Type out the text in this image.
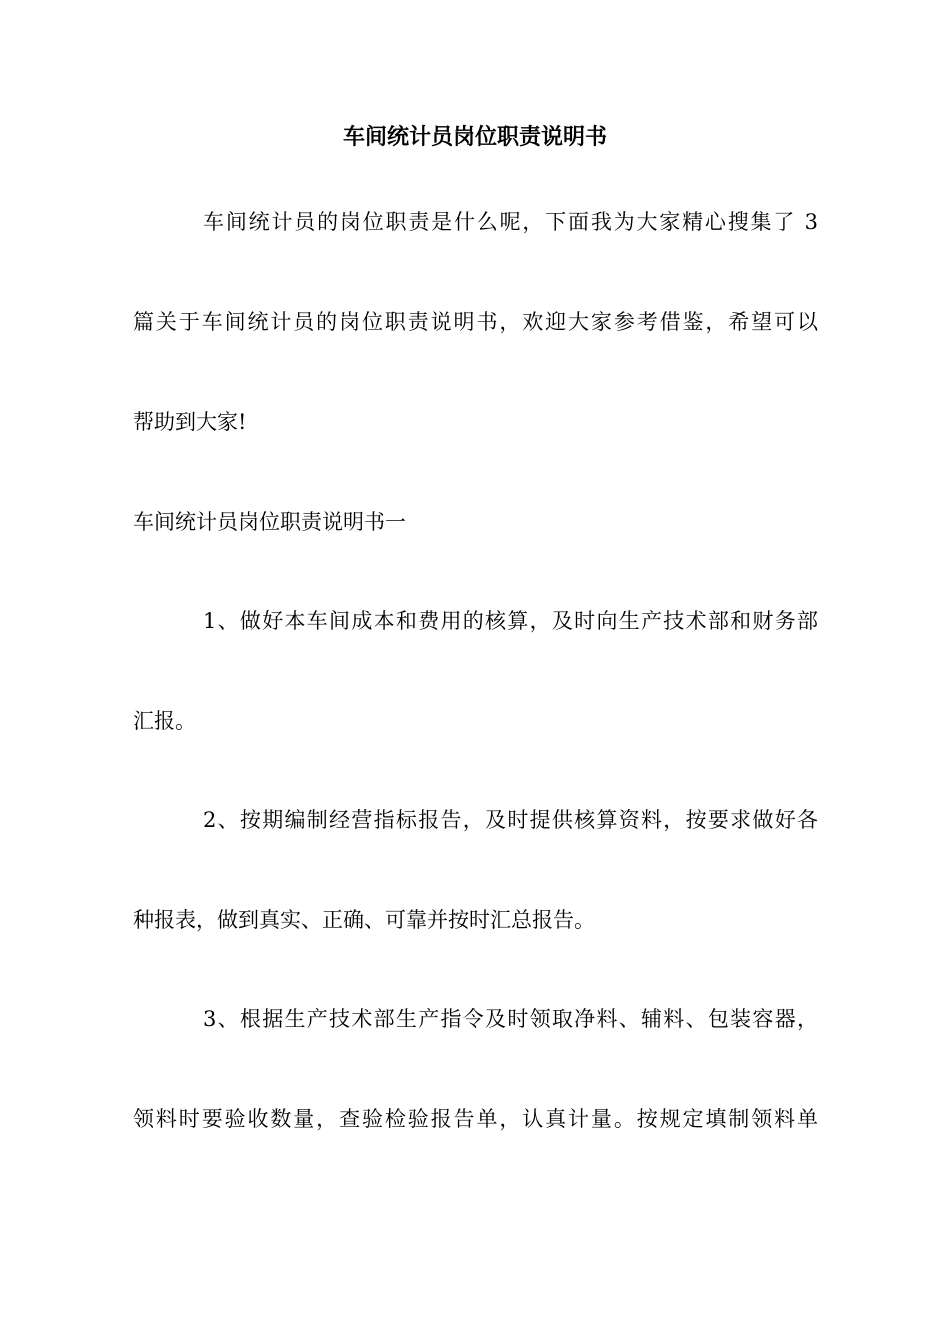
车间统计员岗位职责说明书
车间统计员的岗位职责是什么呢，下面我为大家精心搜集了 3
篇关于车间统计员的岗位职责说明书，欢迎大家参考借鉴，希望可以
帮助到大家!
车间统计员岗位职责说明书一
1、做好本车间成本和费用的核算，及时向生产技术部和财务部
汇报。
2、按期编制经营指标报告，及时提供核算资料，按要求做好各
种报表，做到真实、正确、可靠并按时汇总报告。
3、根据生产技术部生产指令及时领取净料、辅料、包装容器，
领料时要验收数量，查验检验报告单，认真计量。按规定填制领料单
